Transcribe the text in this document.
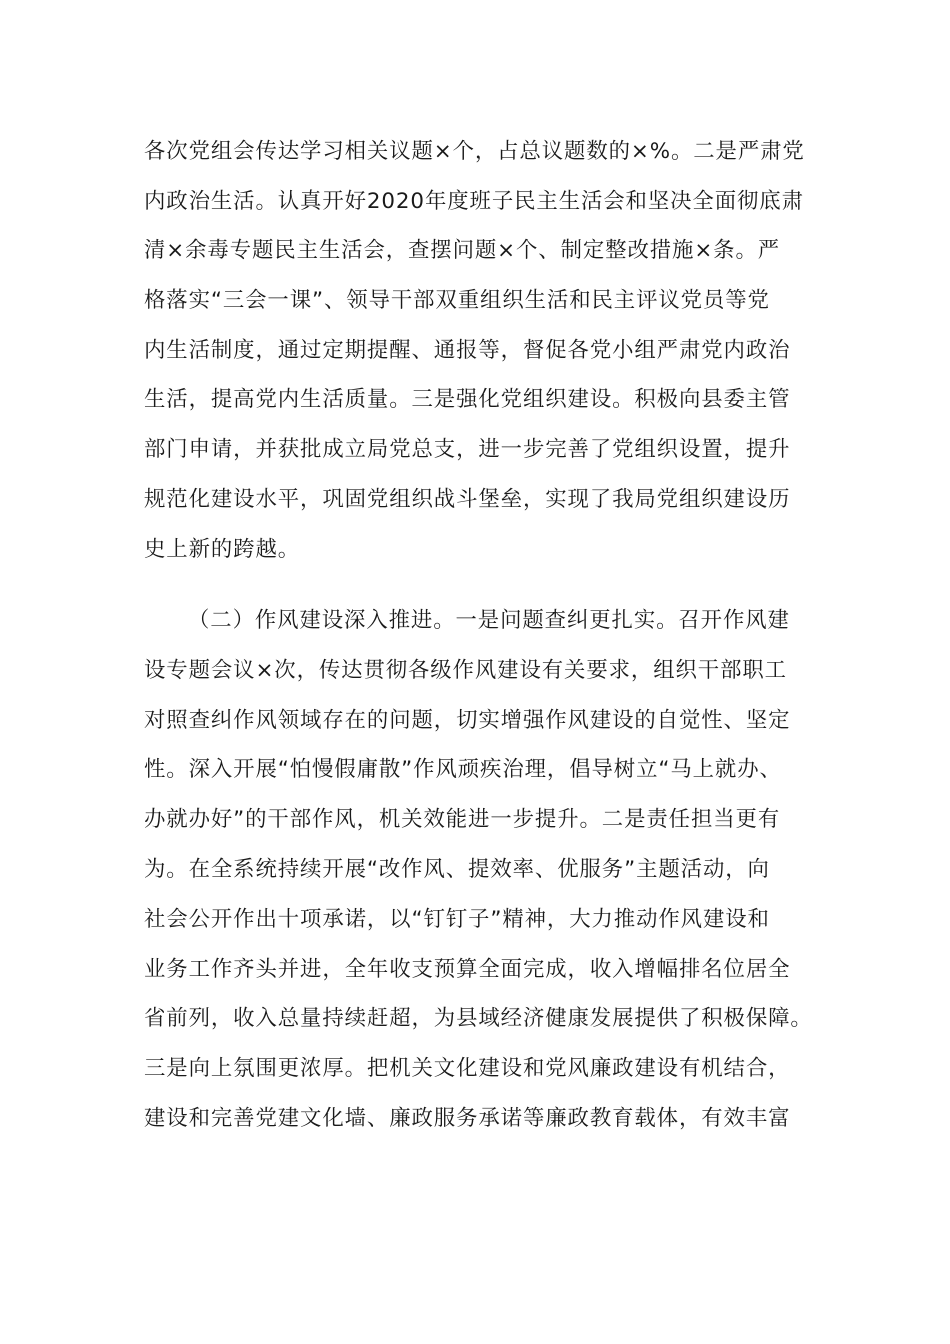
各次党组会传达学习相关议题×个，占总议题数的×%。二是严肃党
内政治生活。认真开好2020年度班子民主生活会和坚决全面彻底肃
清×余毒专题民主生活会，查摆问题×个、制定整改措施×条。严
格落实“三会一课”、领导干部双重组织生活和民主评议党员等党
内生活制度，通过定期提醒、通报等，督促各党小组严肃党内政治
生活，提高党内生活质量。三是强化党组织建设。积极向县委主管
部门申请，并获批成立局党总支，进一步完善了党组织设置，提升
规范化建设水平，巩固党组织战斗堡垒，实现了我局党组织建设历
史上新的跨越。
（二）作风建设深入推进。一是问题查纠更扎实。召开作风建
设专题会议×次，传达贯彻各级作风建设有关要求，组织干部职工
对照查纠作风领域存在的问题，切实增强作风建设的自觉性、坚定
性。深入开展“怕慢假庸散”作风顽疾治理，倡导树立“马上就办、
办就办好”的干部作风，机关效能进一步提升。二是责任担当更有
为。在全系统持续开展“改作风、提效率、优服务”主题活动，向
社会公开作出十项承诺，以“钉钉子”精神，大力推动作风建设和
业务工作齐头并进，全年收支预算全面完成，收入增幅排名位居全
省前列，收入总量持续赶超，为县域经济健康发展提供了积极保障。
三是向上氛围更浓厚。把机关文化建设和党风廉政建设有机结合，
建设和完善党建文化墙、廉政服务承诺等廉政教育载体，有效丰富
